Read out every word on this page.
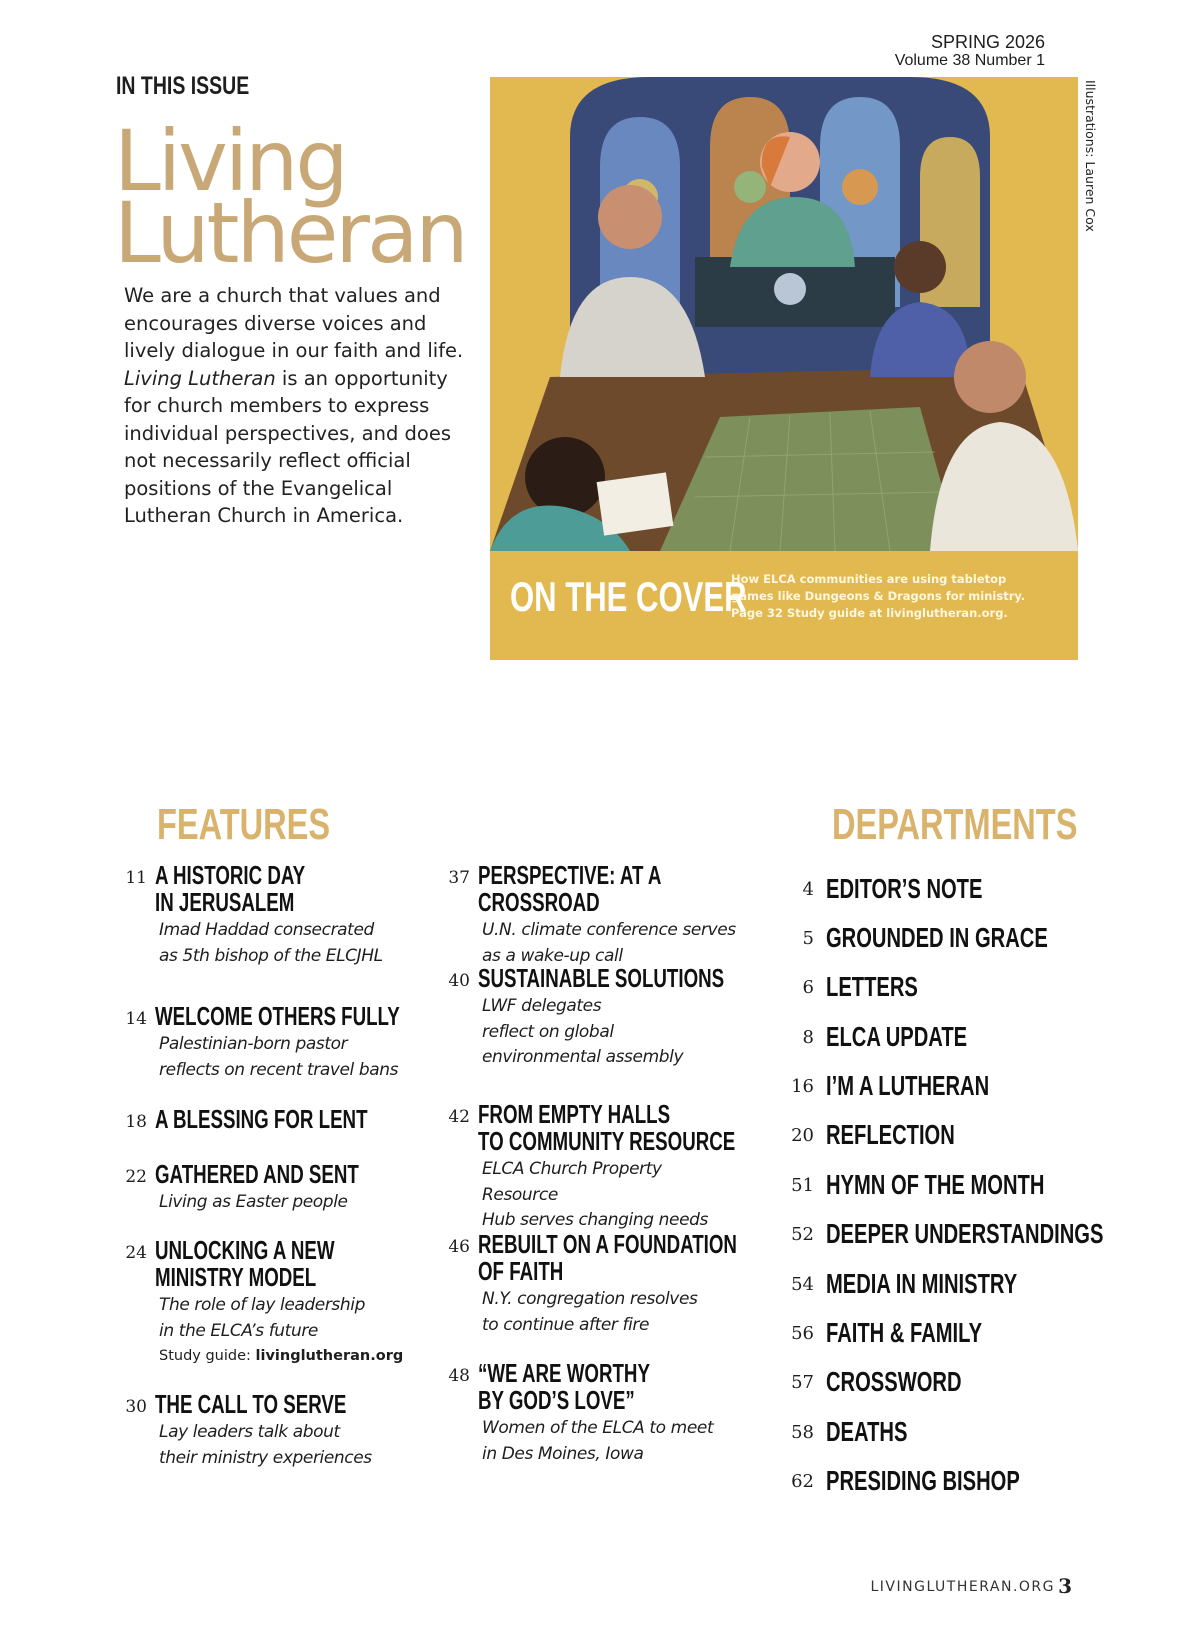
SPRING 2026
Volume 38 Number 1
IN THIS ISSUE
Living
Lutheran
We are a church that values and encourages diverse voices and lively dialogue in our faith and life. Living Lutheran is an opportunity for church members to express individual perspectives, and does not necessarily reflect official positions of the Evangelical Lutheran Church in America.
ON THE COVER
How ELCA communities are using tabletop games like Dungeons & Dragons for ministry. Page 32 Study guide at livinglutheran.org.
Illustrations: Lauren Cox
FEATURES	DEPARTMENTS
11 A HISTORIC DAY
IN JERUSALEM
Imad Haddad consecrated
as 5th bishop of the ELCJHL
14 WELCOME OTHERS FULLY
Palestinian-born pastor
reflects on recent travel bans
18 A BLESSING FOR LENT
22 GATHERED AND SENT
Living as Easter people
24 UNLOCKING A NEW
MINISTRY MODEL
The role of lay leadership
in the ELCA’s future
Study guide: livinglutheran.org
30 THE CALL TO SERVE
Lay leaders talk about
their ministry experiences
37 PERSPECTIVE: AT A CROSSROAD
U.N. climate conference serves
as a wake-up call
40 SUSTAINABLE SOLUTIONS
LWF delegates
reflect on global
environmental assembly
42 FROM EMPTY HALLS
TO COMMUNITY RESOURCE
ELCA Church Property Resource
Hub serves changing needs
46 REBUILT ON A FOUNDATION
OF FAITH
N.Y. congregation resolves
to continue after fire
48 “WE ARE WORTHY
BY GOD’S LOVE”
Women of the ELCA to meet
in Des Moines, Iowa
4 EDITOR’S NOTE
5 GROUNDED IN GRACE
6 LETTERS
8 ELCA UPDATE
16 I’M A LUTHERAN
20 REFLECTION
51 HYMN OF THE MONTH
52 DEEPER UNDERSTANDINGS
54 MEDIA IN MINISTRY
56 FAITH & FAMILY
57 CROSSWORD
58 DEATHS
62 PRESIDING BISHOP
LIVINGLUTHERAN.ORG 3
